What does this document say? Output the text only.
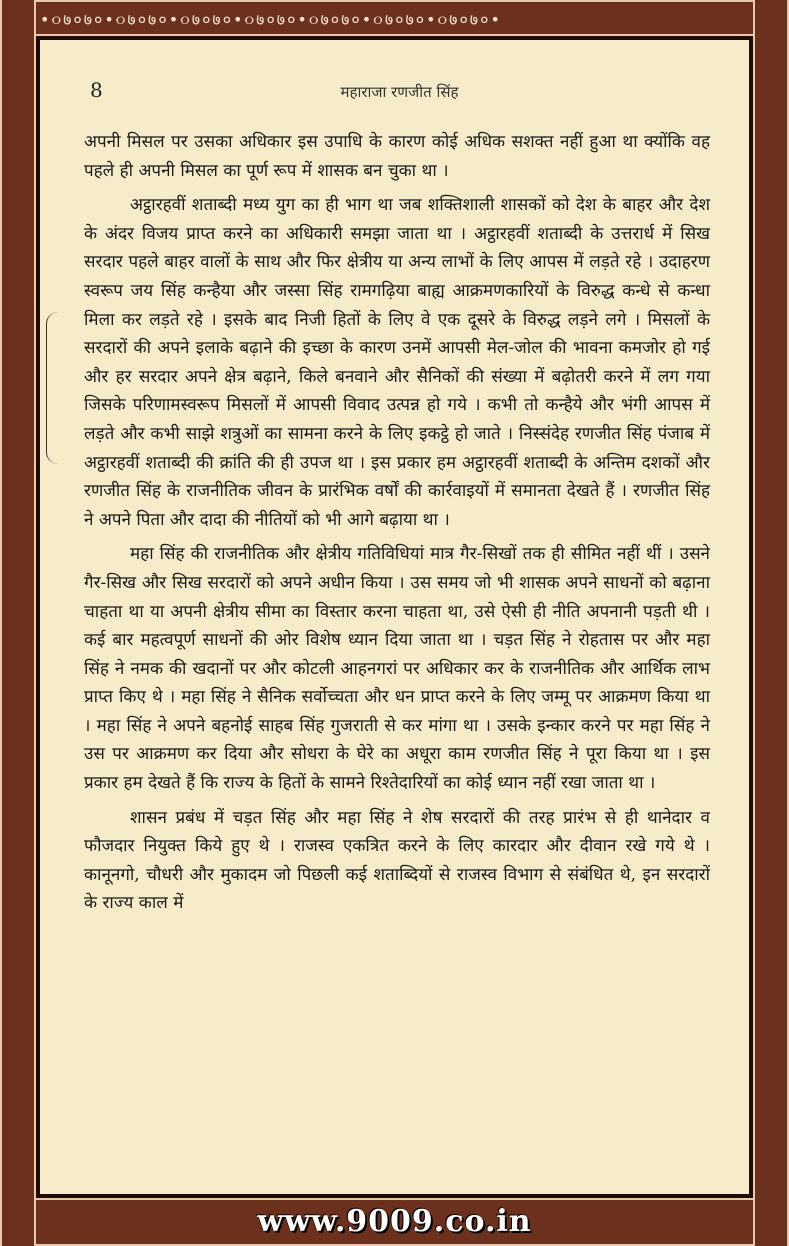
•૦७०७०•૦७०७०•૦७०७०•૦७०७०•૦७०७०•૦७०७०•૦७०७०•
8	महाराजा रणजीत सिंह

अपनी मिसल पर उसका अधिकार इस उपाधि के कारण कोई अधिक सशक्त नहीं हुआ था क्योंकि वह पहले ही अपनी मिसल का पूर्ण रूप में शासक बन चुका था ।

अट्ठारहवीं शताब्दी मध्य युग का ही भाग था जब शक्तिशाली शासकों को देश के बाहर और देश के अंदर विजय प्राप्त करने का अधिकारी समझा जाता था । अट्ठारहवीं शताब्दी के उत्तरार्ध में सिख सरदार पहले बाहर वालों के साथ और फिर क्षेत्रीय या अन्य लाभों के लिए आपस में लड़ते रहे । उदाहरण स्वरूप जय सिंह कन्हैया और जस्सा सिंह रामगढ़िया बाह्य आक्रमणकारियों के विरुद्ध कन्धे से कन्धा मिला कर लड़ते रहे । इसके बाद निजी हितों के लिए वे एक दूसरे के विरुद्ध लड़ने लगे । मिसलों के सरदारों की अपने इलाके बढ़ाने की इच्छा के कारण उनमें आपसी मेल-जोल की भावना कमजोर हो गई और हर सरदार अपने क्षेत्र बढ़ाने, किले बनवाने और सैनिकों की संख्या में बढ़ोतरी करने में लग गया जिसके परिणामस्वरूप मिसलों में आपसी विवाद उत्पन्न हो गये । कभी तो कन्हैये और भंगी आपस में लड़ते और कभी साझे शत्रुओं का सामना करने के लिए इकट्ठे हो जाते । निस्संदेह रणजीत सिंह पंजाब में अट्ठारहवीं शताब्दी की क्रांति की ही उपज था । इस प्रकार हम अट्ठारहवीं शताब्दी के अन्तिम दशकों और रणजीत सिंह के राजनीतिक जीवन के प्रारंभिक वर्षों की कार्रवाइयों में समानता देखते हैं । रणजीत सिंह ने अपने पिता और दादा की नीतियों को भी आगे बढ़ाया था ।

महा सिंह की राजनीतिक और क्षेत्रीय गतिविधियां मात्र गैर-सिखों तक ही सीमित नहीं थीं । उसने गैर-सिख और सिख सरदारों को अपने अधीन किया । उस समय जो भी शासक अपने साधनों को बढ़ाना चाहता था या अपनी क्षेत्रीय सीमा का विस्तार करना चाहता था, उसे ऐसी ही नीति अपनानी पड़ती थी । कई बार महत्वपूर्ण साधनों की ओर विशेष ध्यान दिया जाता था । चड़त सिंह ने रोहतास पर और महा सिंह ने नमक की खदानों पर और कोटली आहनगरां पर अधिकार कर के राजनीतिक और आर्थिक लाभ प्राप्त किए थे । महा सिंह ने सैनिक सर्वोच्चता और धन प्राप्त करने के लिए जम्मू पर आक्रमण किया था । महा सिंह ने अपने बहनोई साहब सिंह गुजराती से कर मांगा था । उसके इन्कार करने पर महा सिंह ने उस पर आक्रमण कर दिया और सोधरा के घेरे का अधूरा काम रणजीत सिंह ने पूरा किया था । इस प्रकार हम देखते हैं कि राज्य के हितों के सामने रिश्तेदारियों का कोई ध्यान नहीं रखा जाता था ।

शासन प्रबंध में चड़त सिंह और महा सिंह ने शेष सरदारों की तरह प्रारंभ से ही थानेदार व फौजदार नियुक्त किये हुए थे । राजस्व एकत्रित करने के लिए कारदार और दीवान रखे गये थे । कानूनगो, चौधरी और मुकादम जो पिछली कई शताब्दियों से राजस्व विभाग से संबंधित थे, इन सरदारों के राज्य काल में

www.9009.co.in
